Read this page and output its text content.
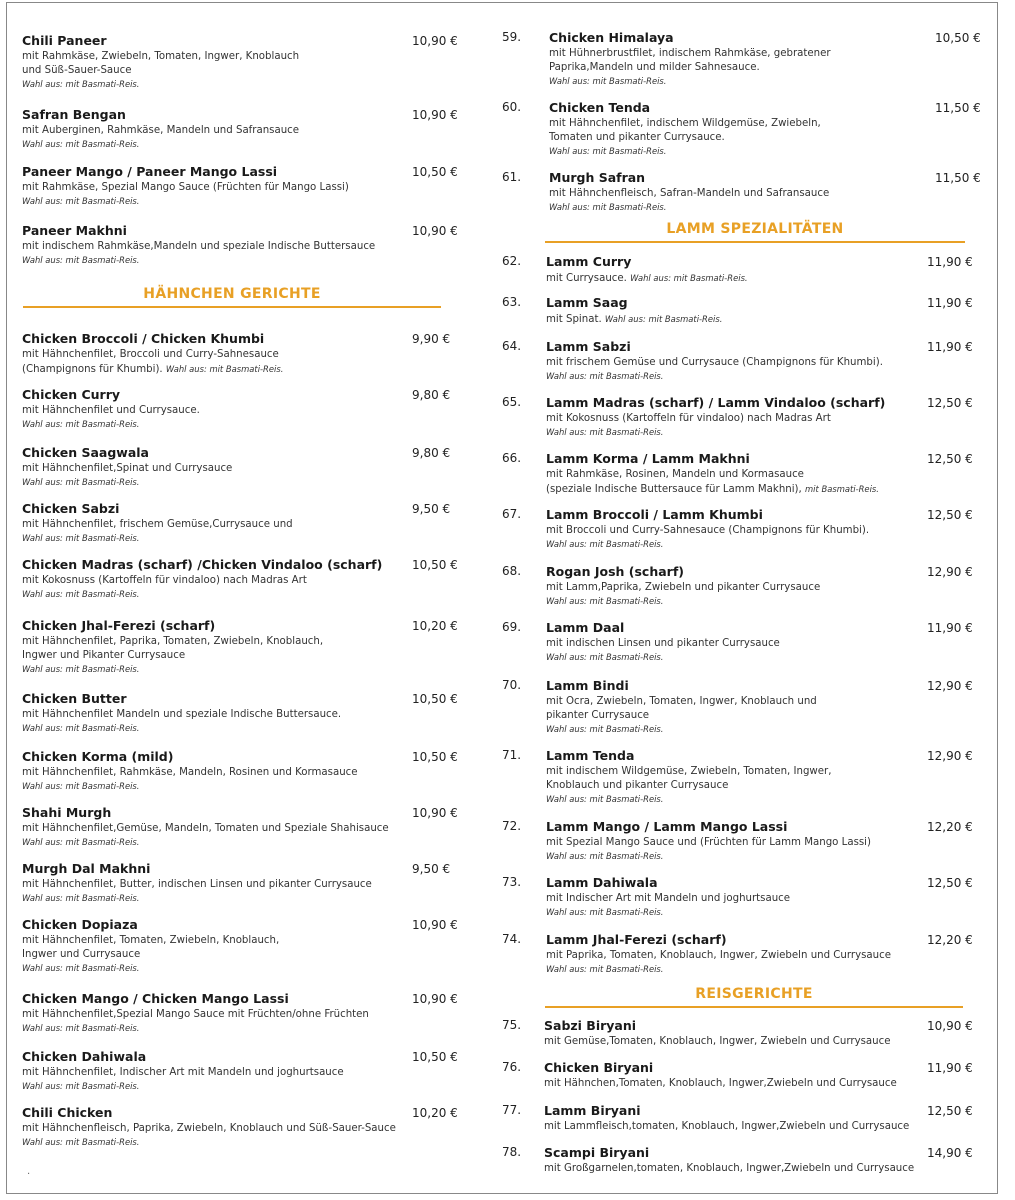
Chili Paneer
mit Rahmkäse, Zwiebeln, Tomaten, Ingwer, Knoblauch
und Süß-Sauer-Sauce
Wahl aus: mit Basmati-Reis.
10,90 €
Safran Bengan
mit Auberginen, Rahmkäse, Mandeln und Safransauce
Wahl aus: mit Basmati-Reis.
10,90 €
Paneer Mango / Paneer Mango Lassi
mit Rahmkäse, Spezial Mango Sauce (Früchten für Mango Lassi)
Wahl aus: mit Basmati-Reis.
10,50 €
Paneer Makhni
mit indischem Rahmkäse,Mandeln und speziale Indische Buttersauce
Wahl aus: mit Basmati-Reis.
10,90 €
HÄHNCHEN GERICHTE
Chicken Broccoli / Chicken Khumbi
mit Hähnchenfilet, Broccoli und Curry-Sahnesauce
(Champignons für Khumbi). Wahl aus: mit Basmati-Reis.
9,90 €
Chicken Curry
mit Hähnchenfilet und Currysauce.
Wahl aus: mit Basmati-Reis.
9,80 €
Chicken Saagwala
mit Hähnchenfilet,Spinat und Currysauce
Wahl aus: mit Basmati-Reis.
9,80 €
Chicken Sabzi
mit Hähnchenfilet, frischem Gemüse,Currysauce und
Wahl aus: mit Basmati-Reis.
9,50 €
Chicken Madras (scharf) /Chicken Vindaloo (scharf)
mit Kokosnuss (Kartoffeln für vindaloo) nach Madras Art
Wahl aus: mit Basmati-Reis.
10,50 €
Chicken Jhal-Ferezi (scharf)
mit Hähnchenfilet, Paprika, Tomaten, Zwiebeln, Knoblauch,
Ingwer und Pikanter Currysauce
Wahl aus: mit Basmati-Reis.
10,20 €
Chicken Butter
mit Hähnchenfilet Mandeln und speziale Indische Buttersauce.
Wahl aus: mit Basmati-Reis.
10,50 €
Chicken Korma (mild)
mit Hähnchenfilet, Rahmkäse, Mandeln, Rosinen und Kormasauce
Wahl aus: mit Basmati-Reis.
10,50 €
Shahi Murgh
mit Hähnchenfilet,Gemüse, Mandeln, Tomaten und Speziale Shahisauce
Wahl aus: mit Basmati-Reis.
10,90 €
Murgh Dal Makhni
mit Hähnchenfilet, Butter, indischen Linsen und pikanter Currysauce
Wahl aus: mit Basmati-Reis.
9,50 €
Chicken Dopiaza
mit Hähnchenfilet, Tomaten, Zwiebeln, Knoblauch,
Ingwer und Currysauce
Wahl aus: mit Basmati-Reis.
10,90 €
Chicken Mango / Chicken Mango Lassi
mit Hähnchenfilet,Spezial Mango Sauce mit Früchten/ohne Früchten
Wahl aus: mit Basmati-Reis.
10,90 €
Chicken Dahiwala
mit Hähnchenfilet, Indischer Art mit Mandeln und joghurtsauce
Wahl aus: mit Basmati-Reis.
10,50 €
Chili Chicken
mit Hähnchenfleisch, Paprika, Zwiebeln, Knoblauch und Süß-Sauer-Sauce
Wahl aus: mit Basmati-Reis.
10,20 €
.
Chicken Himalaya
mit Hühnerbrustfilet, indischem Rahmkäse, gebratener
Paprika,Mandeln und milder Sahnesauce.
Wahl aus: mit Basmati-Reis.
10,50 €
59.
Chicken Tenda
mit Hähnchenfilet, indischem Wildgemüse, Zwiebeln,
Tomaten und pikanter Currysauce.
Wahl aus: mit Basmati-Reis.
11,50 €
60.
Murgh Safran
mit Hähnchenfleisch, Safran-Mandeln und Safransauce
Wahl aus: mit Basmati-Reis.
11,50 €
61.
LAMM SPEZIALITÄTEN
Lamm Curry
mit Currysauce. Wahl aus: mit Basmati-Reis.
11,90 €
62.
Lamm Saag
mit Spinat. Wahl aus: mit Basmati-Reis.
11,90 €
63.
Lamm Sabzi
mit frischem Gemüse und Currysauce (Champignons für Khumbi).
Wahl aus: mit Basmati-Reis.
11,90 €
64.
Lamm Madras (scharf) / Lamm Vindaloo (scharf)
mit Kokosnuss (Kartoffeln für vindaloo) nach Madras Art
Wahl aus: mit Basmati-Reis.
12,50 €
65.
Lamm Korma / Lamm Makhni
mit Rahmkäse, Rosinen, Mandeln und Kormasauce
(speziale Indische Buttersauce für Lamm Makhni), mit Basmati-Reis.
12,50 €
66.
Lamm Broccoli / Lamm Khumbi
mit Broccoli und Curry-Sahnesauce (Champignons für Khumbi).
Wahl aus: mit Basmati-Reis.
12,50 €
67.
Rogan Josh (scharf)
mit Lamm,Paprika, Zwiebeln und pikanter Currysauce
Wahl aus: mit Basmati-Reis.
12,90 €
68.
Lamm Daal
mit indischen Linsen und pikanter Currysauce
Wahl aus: mit Basmati-Reis.
11,90 €
69.
Lamm Bindi
mit Ocra, Zwiebeln, Tomaten, Ingwer, Knoblauch und
pikanter Currysauce
Wahl aus: mit Basmati-Reis.
12,90 €
70.
Lamm Tenda
mit indischem Wildgemüse, Zwiebeln, Tomaten, Ingwer,
Knoblauch und pikanter Currysauce
Wahl aus: mit Basmati-Reis.
12,90 €
71.
Lamm Mango / Lamm Mango Lassi
mit Spezial Mango Sauce und (Früchten für Lamm Mango Lassi)
Wahl aus: mit Basmati-Reis.
12,20 €
72.
Lamm Dahiwala
mit Indischer Art mit Mandeln und joghurtsauce
Wahl aus: mit Basmati-Reis.
12,50 €
73.
Lamm Jhal-Ferezi (scharf)
mit Paprika, Tomaten, Knoblauch, Ingwer, Zwiebeln und Currysauce
Wahl aus: mit Basmati-Reis.
12,20 €
74.
REISGERICHTE
Sabzi Biryani
mit Gemüse,Tomaten, Knoblauch, Ingwer, Zwiebeln und Currysauce
10,90 €
75.
Chicken Biryani
mit Hähnchen,Tomaten, Knoblauch, Ingwer,Zwiebeln und Currysauce
11,90 €
76.
Lamm Biryani
mit Lammfleisch,tomaten, Knoblauch, Ingwer,Zwiebeln und Currysauce
12,50 €
77.
Scampi Biryani
mit Großgarnelen,tomaten, Knoblauch, Ingwer,Zwiebeln und Currysauce
14,90 €
78.
